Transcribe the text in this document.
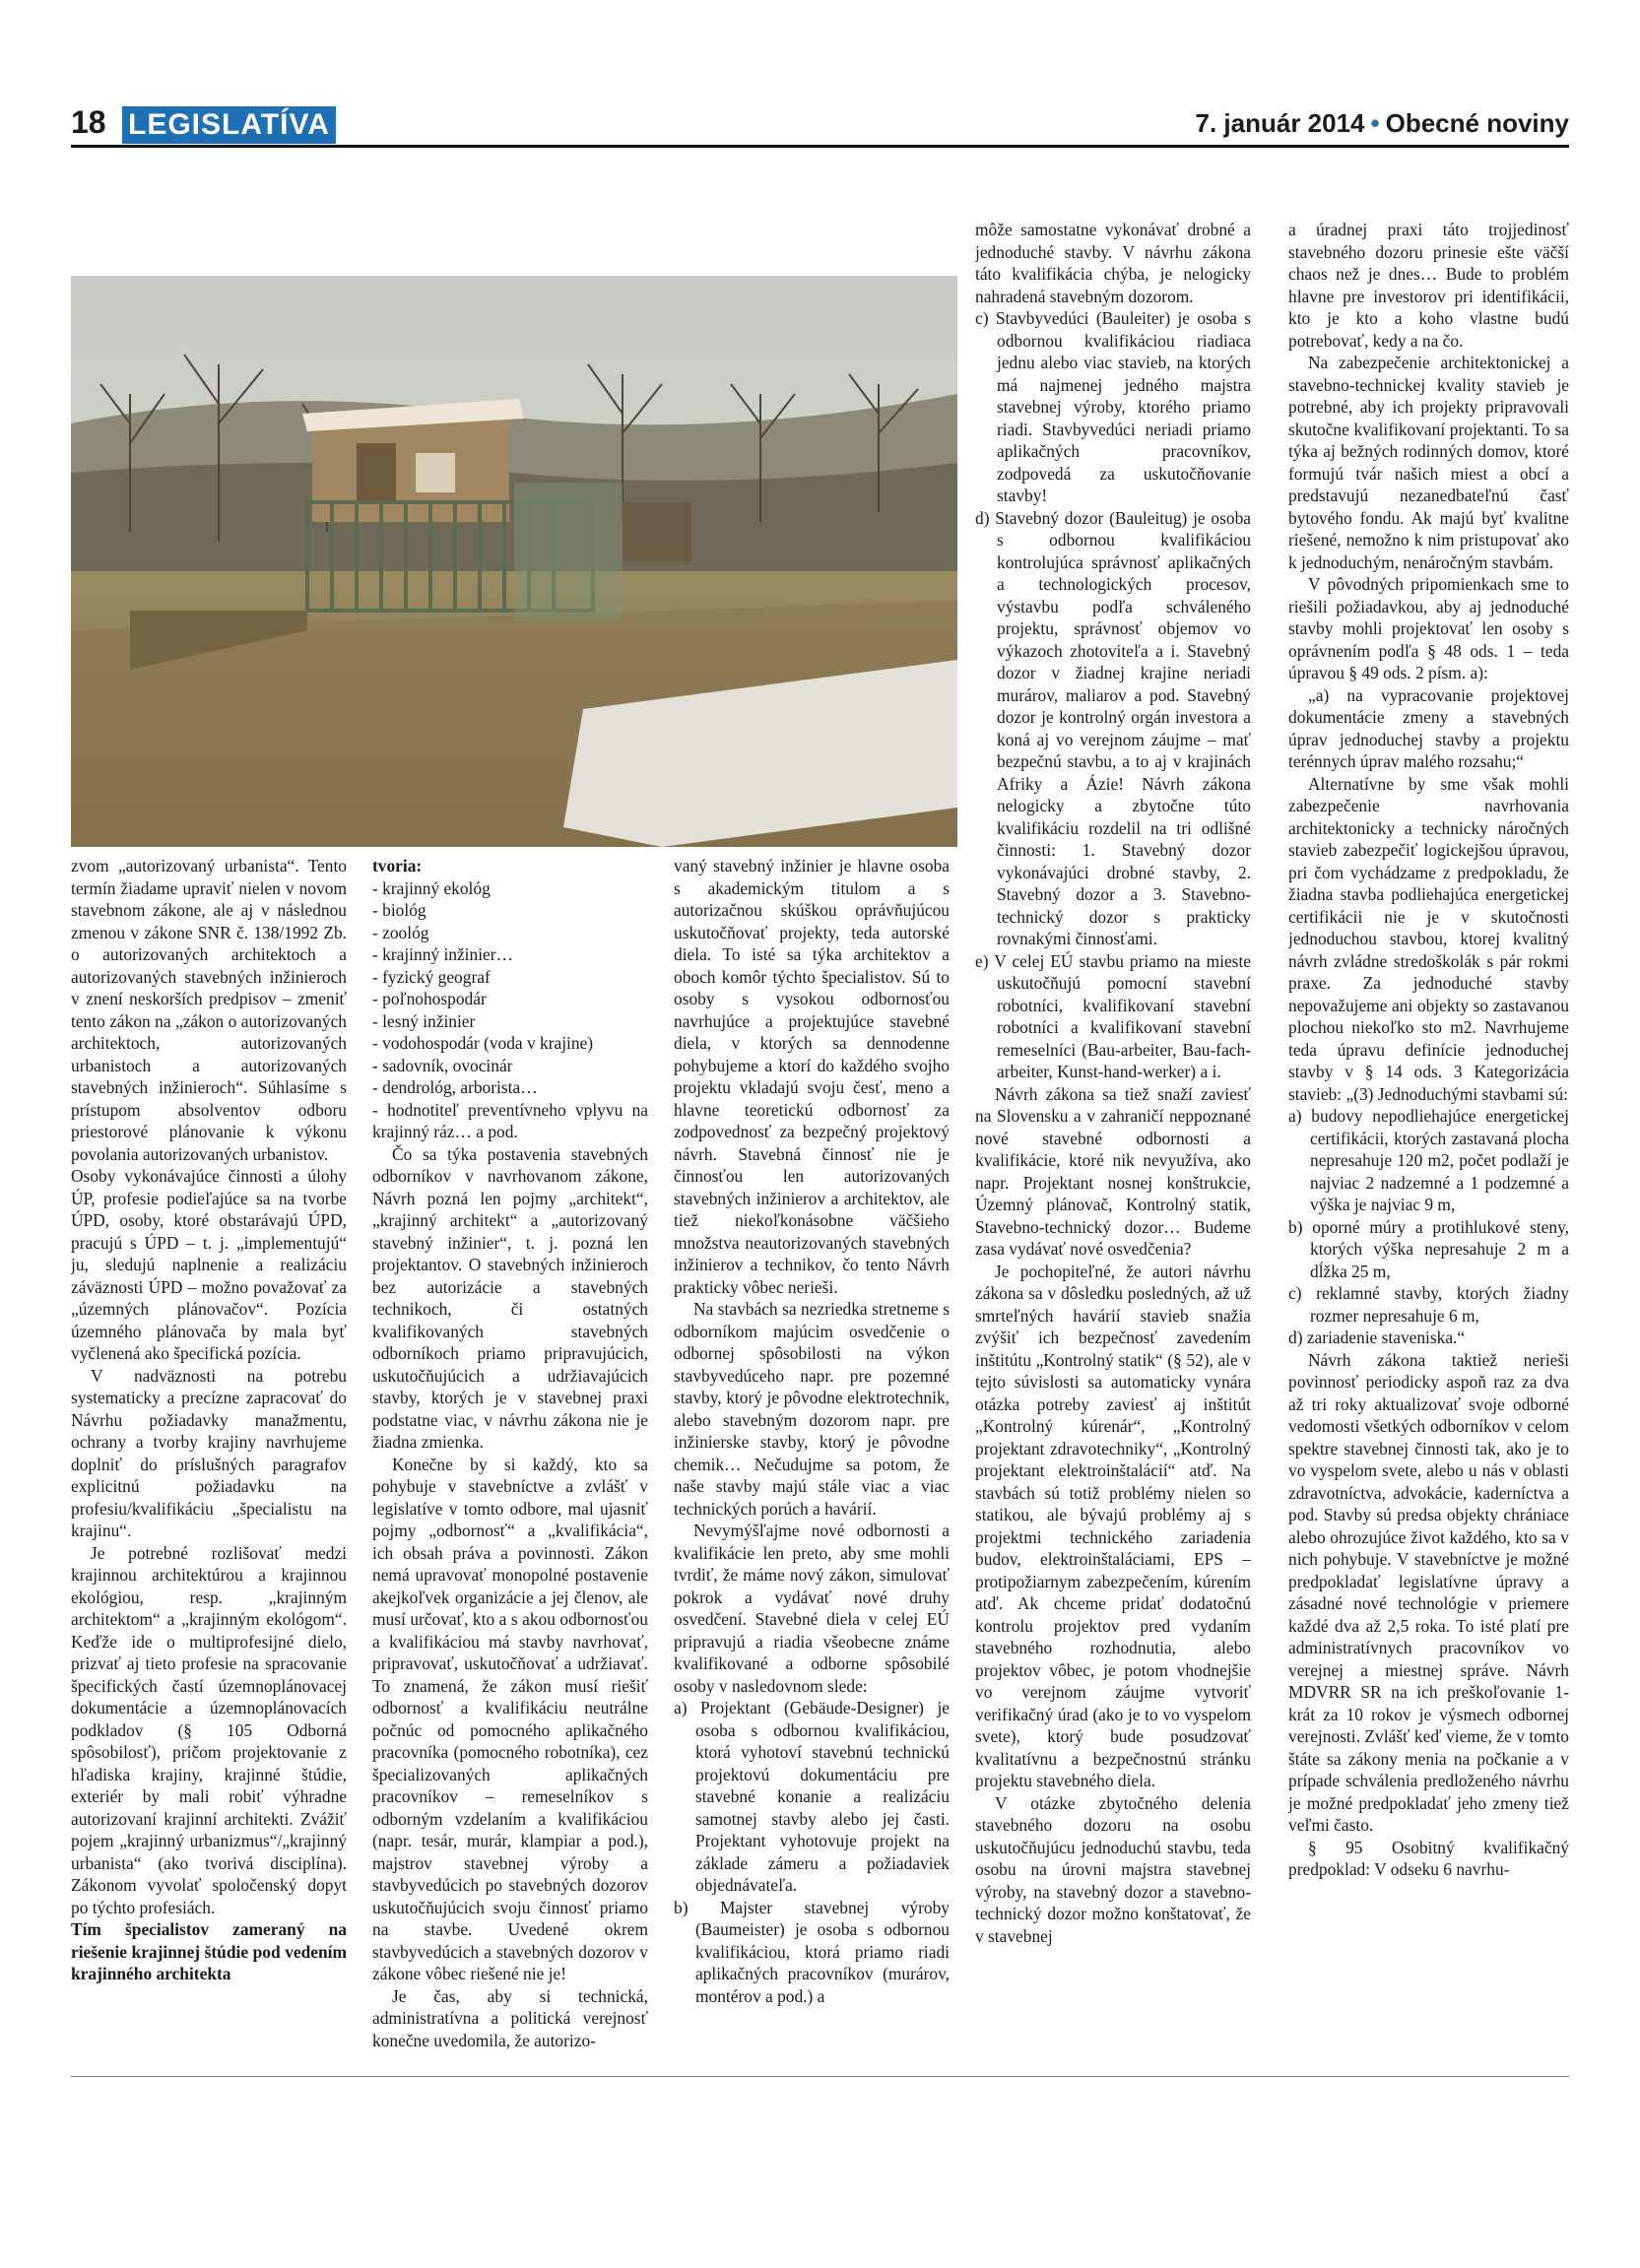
18 LEGISLATÍVA	7. január 2014 • Obecné noviny

zvom „autorizovaný urbanista“. Tento termín žiadame upraviť nielen v novom stavebnom zákone, ale aj v následnou zmenou v zákone SNR č. 138/1992 Zb. o autorizovaných architektoch a autorizovaných stavebných inžinieroch v znení neskorších predpisov – zmeniť tento zákon na „zákon o autorizovaných architektoch, autorizovaných urbanistoch a autorizovaných stavebných inžinieroch“. Súhlasíme s prístupom absolventov odboru priestorové plánovanie k výkonu povolania autorizovaných urbanistov.

Osoby vykonávajúce činnosti a úlohy ÚP, profesie podieľajúce sa na tvorbe ÚPD, osoby, ktoré obstarávajú ÚPD, pracujú s ÚPD – t. j. „implementujú“ ju, sledujú naplnenie a realizáciu záväznosti ÚPD – možno považovať za „územných plánovačov“. Pozícia územného plánovača by mala byť vyčlenená ako špecifická pozícia.

V nadväznosti na potrebu systematicky a precízne zapracovať do Návrhu požiadavky manažmentu, ochrany a tvorby krajiny navrhujeme doplniť do príslušných paragrafov explicitnú požiadavku na profesiu/kvalifikáciu „špecialistu na krajinu“.

Je potrebné rozlišovať medzi krajinnou architektúrou a krajinnou ekológiou, resp. „krajinným architektom“ a „krajinným ekológom“. Keďže ide o multiprofesijné dielo, prizvať aj tieto profesie na spracovanie špecifických častí územnoplánovacej dokumentácie a územnoplánovacích podkladov (§ 105 Odborná spôsobilosť), pričom projektovanie z hľadiska krajiny, krajinné štúdie, exteriér by mali robiť výhradne autorizovaní krajinní architekti. Zvážiť pojem „krajinný urbanizmus“/„krajinný urbanista“ (ako tvorivá disciplína). Zákonom vyvolať spoločenský dopyt po týchto profesiách.

Tím špecialistov zameraný na riešenie krajinnej štúdie pod vedením krajinného architekta

tvoria:

- krajinný ekológ

- biológ

- zoológ

- krajinný inžinier…

- fyzický geograf

- poľnohospodár

- lesný inžinier

- vodohospodár (voda v krajine)

- sadovník, ovocinár

- dendrológ, arborista…

- hodnotiteľ preventívneho vplyvu na krajinný ráz… a pod.

Čo sa týka postavenia stavebných odborníkov v navrhovanom zákone, Návrh pozná len pojmy „architekt“, „krajinný architekt“ a „autorizovaný stavebný inžinier“, t. j. pozná len projektantov. O stavebných inžinieroch bez autorizácie a stavebných technikoch, či ostatných kvalifikovaných stavebných odborníkoch priamo pripravujúcich, uskutočňujúcich a udržiavajúcich stavby, ktorých je v stavebnej praxi podstatne viac, v návrhu zákona nie je žiadna zmienka.

Konečne by si každý, kto sa pohybuje v stavebníctve a zvlášť v legislatíve v tomto odbore, mal ujasniť pojmy „odbornosť“ a „kvalifikácia“, ich obsah práva a povinnosti. Zákon nemá upravovať monopolné postavenie akejkoľvek organizácie a jej členov, ale musí určovať, kto a s akou odbornosťou a kvalifikáciou má stavby navrhovať, pripravovať, uskutočňovať a udržiavať. To znamená, že zákon musí riešiť odbornosť a kvalifikáciu neutrálne počnúc od pomocného aplikačného pracovníka (pomocného robotníka), cez špecializovaných aplikačných pracovníkov – remeselníkov s odborným vzdelaním a kvalifikáciou (napr. tesár, murár, klampiar a pod.), majstrov stavebnej výroby a stavbyvedúcich po stavebných dozorov uskutočňujúcich svoju činnosť priamo na stavbe. Uvedené okrem stavbyvedúcich a stavebných dozorov v zákone vôbec riešené nie je!

Je čas, aby si technická, administratívna a politická verejnosť konečne uvedomila, že autorizo-

vaný stavebný inžinier je hlavne osoba s akademickým titulom a s autorizačnou skúškou oprávňujúcou uskutočňovať projekty, teda autorské diela. To isté sa týka architektov a oboch komôr týchto špecialistov. Sú to osoby s vysokou odbornosťou navrhujúce a projektujúce stavebné diela, v ktorých sa dennodenne pohybujeme a ktorí do každého svojho projektu vkladajú svoju česť, meno a hlavne teoretickú odbornosť za zodpovednosť za bezpečný projektový návrh. Stavebná činnosť nie je činnosťou len autorizovaných stavebných inžinierov a architektov, ale tiež niekoľkonásobne väčšieho množstva neautorizovaných stavebných inžinierov a technikov, čo tento Návrh prakticky vôbec nerieši.

Na stavbách sa nezriedka stretneme s odborníkom majúcim osvedčenie o odbornej spôsobilosti na výkon stavbyvedúceho napr. pre pozemné stavby, ktorý je pôvodne elektrotechnik, alebo stavebným dozorom napr. pre inžinierske stavby, ktorý je pôvodne chemik… Nečudujme sa potom, že naše stavby majú stále viac a viac technických porúch a havárií.

Nevymýšľajme nové odbornosti a kvalifikácie len preto, aby sme mohli tvrdiť, že máme nový zákon, simulovať pokrok a vydávať nové druhy osvedčení. Stavebné diela v celej EÚ pripravujú a riadia všeobecne známe kvalifikované a odborne spôsobilé osoby v nasledovnom slede:

a) Projektant (Gebäude-Designer) je osoba s odbornou kvalifikáciou, ktorá vyhotoví stavebnú technickú projektovú dokumentáciu pre stavebné konanie a realizáciu samotnej stavby alebo jej časti. Projektant vyhotovuje projekt na základe zámeru a požiadaviek objednávateľa.

b) Majster stavebnej výroby (Baumeister) je osoba s odbornou kvalifikáciou, ktorá priamo riadi aplikačných pracovníkov (murárov, montérov a pod.) a

môže samostatne vykonávať drobné a jednoduché stavby. V návrhu zákona táto kvalifikácia chýba, je nelogicky nahradená stavebným dozorom.

c) Stavbyvedúci (Bauleiter) je osoba s odbornou kvalifikáciou riadiaca jednu alebo viac stavieb, na ktorých má najmenej jedného majstra stavebnej výroby, ktorého priamo riadi. Stavbyvedúci neriadi priamo aplikačných pracovníkov, zodpovedá za uskutočňovanie stavby!

d) Stavebný dozor (Bauleitug) je osoba s odbornou kvalifikáciou kontrolujúca správnosť aplikačných a technologických procesov, výstavbu podľa schváleného projektu, správnosť objemov vo výkazoch zhotoviteľa a i. Stavebný dozor v žiadnej krajine neriadi murárov, maliarov a pod. Stavebný dozor je kontrolný orgán investora a koná aj vo verejnom záujme – mať bezpečnú stavbu, a to aj v krajinách Afriky a Ázie! Návrh zákona nelogicky a zbytočne túto kvalifikáciu rozdelil na tri odlišné činnosti: 1. Stavebný dozor vykonávajúci drobné stavby, 2. Stavebný dozor a 3. Stavebno-technický dozor s prakticky rovnakými činnosťami.

e) V celej EÚ stavbu priamo na mieste uskutočňujú pomocní stavební robotníci, kvalifikovaní stavební robotníci a kvalifikovaní stavební remeselníci (Bau-arbeiter, Bau-fach-arbeiter, Kunst-hand-werker) a i.

Návrh zákona sa tiež snaží zaviesť na Slovensku a v zahraničí neppoznané nové stavebné odbornosti a kvalifikácie, ktoré nik nevyužíva, ako napr. Projektant nosnej konštrukcie, Územný plánovač, Kontrolný statik, Stavebno-technický dozor… Budeme zasa vydávať nové osvedčenia?

Je pochopiteľné, že autori návrhu zákona sa v dôsledku posledných, až už smrteľných havárií stavieb snažia zvýšiť ich bezpečnosť zavedením inštitútu „Kontrolný statik“ (§ 52), ale v tejto súvislosti sa automaticky vynára otázka potreby zaviesť aj inštitút „Kontrolný kúrenár“, „Kontrolný projektant zdravotechniky“, „Kontrolný projektant elektroinštalácií“ atď. Na stavbách sú totiž problémy nielen so statikou, ale bývajú problémy aj s projektmi technického zariadenia budov, elektroinštaláciami, EPS – protipožiarnym zabezpečením, kúrením atď. Ak chceme pridať dodatočnú kontrolu projektov pred vydaním stavebného rozhodnutia, alebo projektov vôbec, je potom vhodnejšie vo verejnom záujme vytvoriť verifikačný úrad (ako je to vo vyspelom svete), ktorý bude posudzovať kvalitatívnu a bezpečnostnú stránku projektu stavebného diela.

V otázke zbytočného delenia stavebného dozoru na osobu uskutočňujúcu jednoduchú stavbu, teda osobu na úrovni majstra stavebnej výroby, na stavebný dozor a stavebno-technický dozor možno konštatovať, že v stavebnej

a úradnej praxi táto trojjedinosť stavebného dozoru prinesie ešte väčší chaos než je dnes… Bude to problém hlavne pre investorov pri identifikácii, kto je kto a koho vlastne budú potrebovať, kedy a na čo.

Na zabezpečenie architektonickej a stavebno-technickej kvality stavieb je potrebné, aby ich projekty pripravovali skutočne kvalifikovaní projektanti. To sa týka aj bežných rodinných domov, ktoré formujú tvár našich miest a obcí a predstavujú nezanedbateľnú časť bytového fondu. Ak majú byť kvalitne riešené, nemožno k nim pristupovať ako k jednoduchým, nenáročným stavbám.

V pôvodných pripomienkach sme to riešili požiadavkou, aby aj jednoduché stavby mohli projektovať len osoby s oprávnením podľa § 48 ods. 1 – teda úpravou § 49 ods. 2 písm. a):

„a) na vypracovanie projektovej dokumentácie zmeny a stavebných úprav jednoduchej stavby a projektu terénnych úprav malého rozsahu;“

Alternatívne by sme však mohli zabezpečenie navrhovania architektonicky a technicky náročných stavieb zabezpečiť logickejšou úpravou, pri čom vychádzame z predpokladu, že žiadna stavba podliehajúca energetickej certifikácii nie je v skutočnosti jednoduchou stavbou, ktorej kvalitný návrh zvládne stredoškolák s pár rokmi praxe. Za jednoduché stavby nepovažujeme ani objekty so zastavanou plochou niekoľko sto m2. Navrhujeme teda úpravu definície jednoduchej stavby v § 14 ods. 3 Kategorizácia stavieb: „(3) Jednoduchými stavbami sú:

a) budovy nepodliehajúce energetickej certifikácii, ktorých zastavaná plocha nepresahuje 120 m2, počet podlaží je najviac 2 nadzemné a 1 podzemné a výška je najviac 9 m,

b) oporné múry a protihlukové steny, ktorých výška nepresahuje 2 m a dĺžka 25 m,

c) reklamné stavby, ktorých žiadny rozmer nepresahuje 6 m,

d) zariadenie staveniska.“

Návrh zákona taktiež nerieši povinnosť periodicky aspoň raz za dva až tri roky aktualizovať svoje odborné vedomosti všetkých odborníkov v celom spektre stavebnej činnosti tak, ako je to vo vyspelom svete, alebo u nás v oblasti zdravotníctva, advokácie, kaderníctva a pod. Stavby sú predsa objekty chrániace alebo ohrozujúce život každého, kto sa v nich pohybuje. V stavebníctve je možné predpokladať legislatívne úpravy a zásadné nové technológie v priemere každé dva až 2,5 roka. To isté platí pre administratívnych pracovníkov vo verejnej a miestnej správe. Návrh MDVRR SR na ich preškoľovanie 1-krát za 10 rokov je výsmech odbornej verejnosti. Zvlášť keď vieme, že v tomto štáte sa zákony menia na počkanie a v prípade schválenia predloženého návrhu je možné predpokladať jeho zmeny tiež veľmi často.

§ 95 Osobitný kvalifikačný predpoklad: V odseku 6 navrhu-
